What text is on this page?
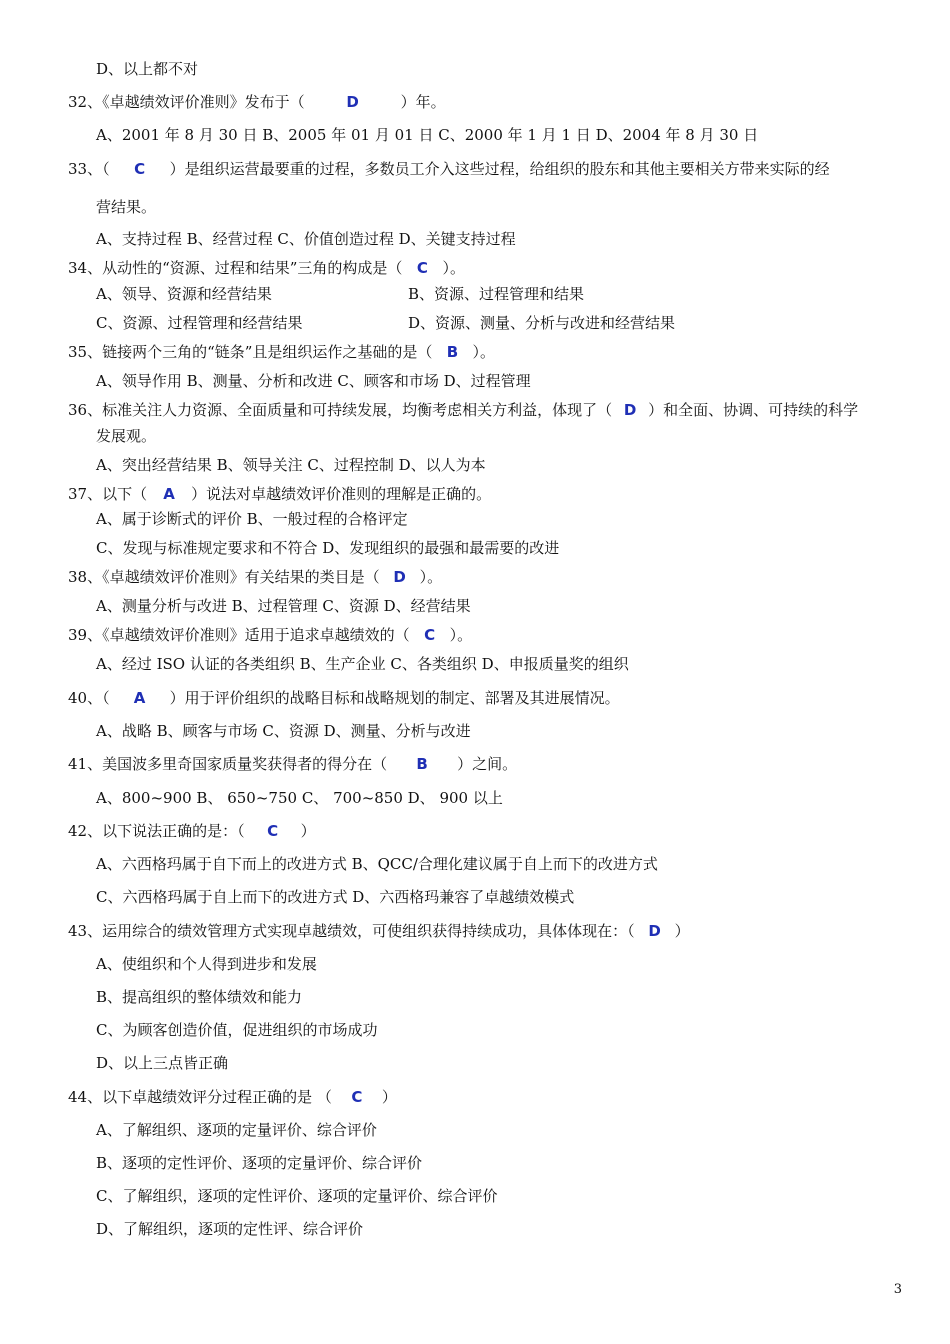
D、以上都不对
32、《卓越绩效评价准则》发布于（	D	）年。
A、2001 年 8 月 30 日 B、2005 年 01 月 01 日 C、2000 年 1 月 1 日 D、2004 年 8 月 30 日
33、（ C ）是组织运营最要重的过程，多数员工介入这些过程，给组织的股东和其他主要相关方带来实际的经
营结果。
A、支持过程 B、经营过程 C、价值创造过程 D、关键支持过程
34、从动性的“资源、过程和结果”三角的构成是（ C ）。
A、领导、资源和经营结果	B、资源、过程管理和结果
C、资源、过程管理和经营结果	D、资源、测量、分析与改进和经营结果
35、链接两个三角的“链条”且是组织运作之基础的是（ B ）。
A、领导作用 B、测量、分析和改进 C、顾客和市场 D、过程管理
36、标准关注人力资源、全面质量和可持续发展，均衡考虑相关方利益，体现了（ D ）和全面、协调、可持续的科学
发展观。
A、突出经营结果 B、领导关注 C、过程控制 D、以人为本
37、以下（ A ）说法对卓越绩效评价准则的理解是正确的。
A、属于诊断式的评价 B、一般过程的合格评定
C、发现与标准规定要求和不符合 D、发现组织的最强和最需要的改进
38、《卓越绩效评价准则》有关结果的类目是（ D ）。
A、测量分析与改进 B、过程管理 C、资源 D、经营结果
39、《卓越绩效评价准则》适用于追求卓越绩效的（ C ）。
A、经过 ISO 认证的各类组织 B、生产企业 C、各类组织 D、申报质量奖的组织
40、（ A ）用于评价组织的战略目标和战略规划的制定、部署及其进展情况。
A、战略 B、顾客与市场 C、资源 D、测量、分析与改进
41、美国波多里奇国家质量奖获得者的得分在（ B ）之间。
A、800~900 B、 650~750 C、 700~850 D、 900 以上
42、以下说法正确的是：（ C ）
A、六西格玛属于自下而上的改进方式 B、QCC/合理化建议属于自上而下的改进方式
C、六西格玛属于自上而下的改进方式 D、六西格玛兼容了卓越绩效模式
43、运用综合的绩效管理方式实现卓越绩效，可使组织获得持续成功，具体体现在：（ D ）
A、使组织和个人得到进步和发展
B、提高组织的整体绩效和能力
C、为顾客创造价值，促进组织的市场成功
D、以上三点皆正确
44、以下卓越绩效评分过程正确的是 （ C ）
A、了解组织、逐项的定量评价、综合评价
B、逐项的定性评价、逐项的定量评价、综合评价
C、了解组织，逐项的定性评价、逐项的定量评价、综合评价
D、了解组织，逐项的定性评、综合评价
3
